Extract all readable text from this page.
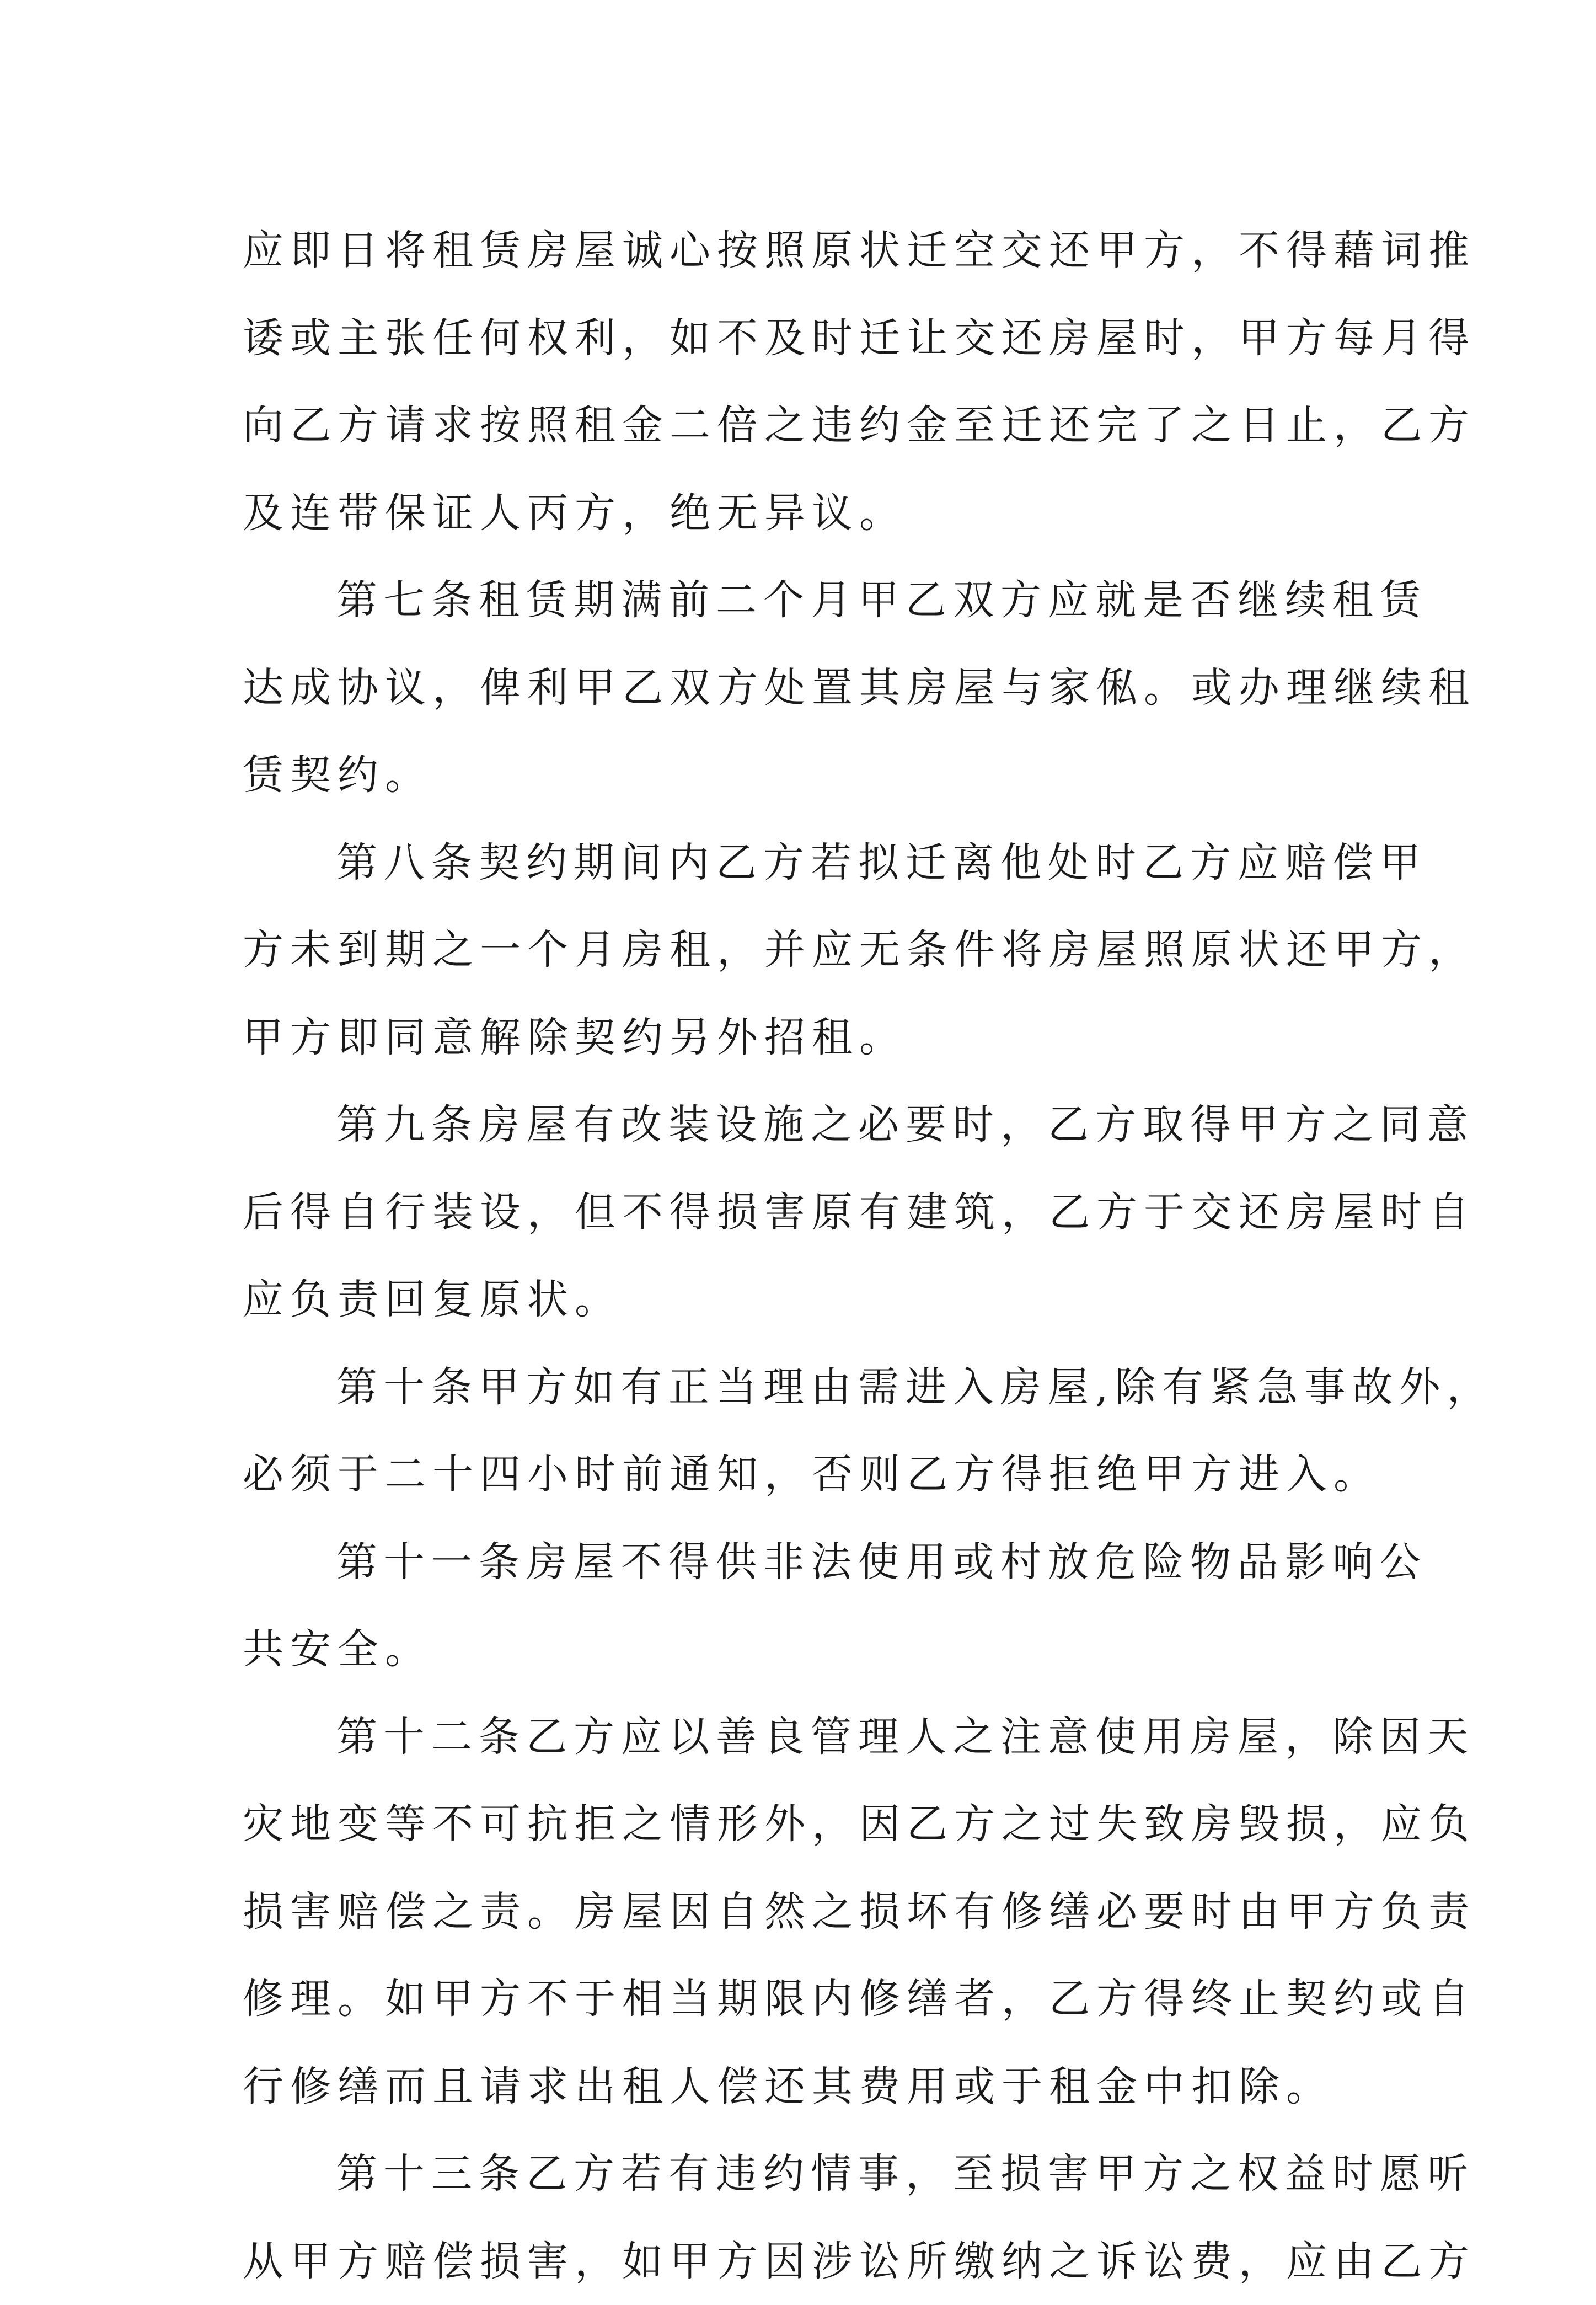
应即日将租赁房屋诚心按照原状迁空交还甲方，不得藉词推
诿或主张任何权利，如不及时迁让交还房屋时，甲方每月得
向乙方请求按照租金二倍之违约金至迁还完了之日止，乙方
及连带保证人丙方，绝无异议。
第七条租赁期满前二个月甲乙双方应就是否继续租赁
达成协议，俾利甲乙双方处置其房屋与家俬。或办理继续租
赁契约。
第八条契约期间内乙方若拟迁离他处时乙方应赔偿甲
方未到期之一个月房租，并应无条件将房屋照原状还甲方，
甲方即同意解除契约另外招租。
第九条房屋有改装设施之必要时，乙方取得甲方之同意
后得自行装设，但不得损害原有建筑，乙方于交还房屋时自
应负责回复原状。
第十条甲方如有正当理由需进入房屋,除有紧急事故外，
必须于二十四小时前通知，否则乙方得拒绝甲方进入。
第十一条房屋不得供非法使用或村放危险物品影响公
共安全。
第十二条乙方应以善良管理人之注意使用房屋，除因天
灾地变等不可抗拒之情形外，因乙方之过失致房毁损，应负
损害赔偿之责。房屋因自然之损坏有修缮必要时由甲方负责
修理。如甲方不于相当期限内修缮者，乙方得终止契约或自
行修缮而且请求出租人偿还其费用或于租金中扣除。
第十三条乙方若有违约情事，至损害甲方之权益时愿听
从甲方赔偿损害，如甲方因涉讼所缴纳之诉讼费，应由乙方
